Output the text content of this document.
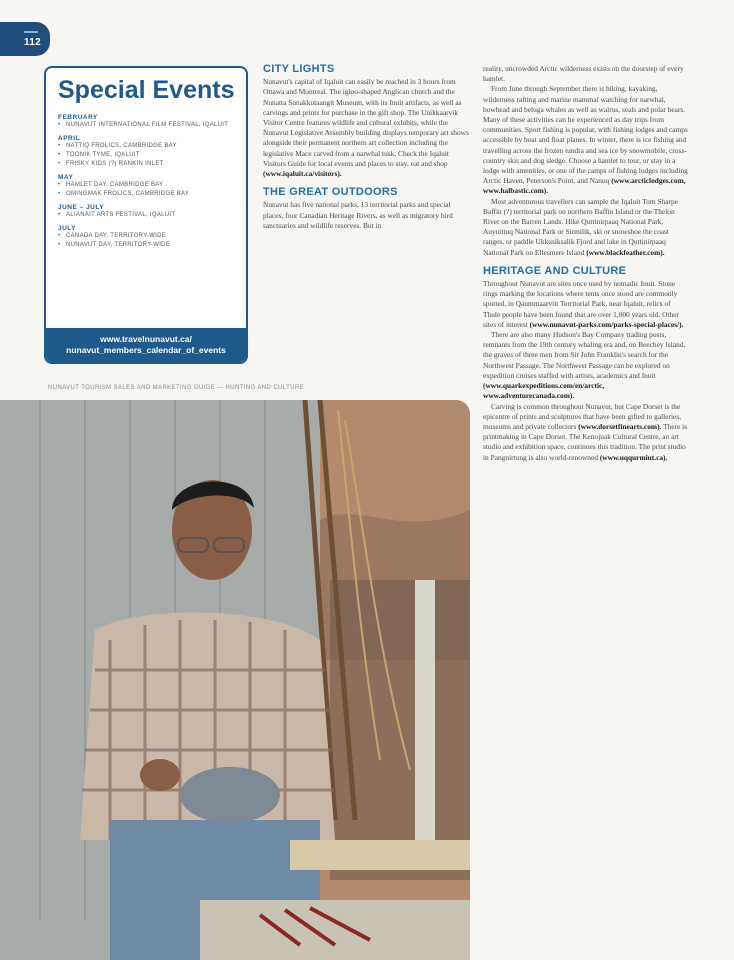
112
Special Events
FEBRUARY
• NUNAVUT INTERNATIONAL FILM FESTIVAL, IQALUIT
APRIL
• NATTIQ FROLICS, CAMBRIDGE BAY
• TOONIK TYME, IQALUIT
• FRISKY KIDS (?) RANKIN INLET
MAY
• HAMLET DAY, CAMBRIDGE BAY
• OMINGMAK FROLICS, CAMBRIDGE BAY
JUNE – JULY
• ALIANAIT ARTS FESTIVAL, IQALUIT
JULY
• CANADA DAY, TERRITORY-WIDE
• NUNAVUT DAY, TERRITORY-WIDE
www.travelnunavut.ca/
nunavut_members_calendar_of_events
CITY LIGHTS

Nunavut's capital of Iqaluit can easily be reached in 3 hours from Ottawa and Montreal. The igloo-shaped Anglican church and the Nunatta Sunakkutaangit Museum, with its Inuit artifacts, as well as carvings and prints for purchase in the gift shop. The Unikkaarvik Visitor Centre features wildlife and cultural exhibits, while the Nunavut Legislative Assembly building displays temporary art shows alongside their permanent northern art collection including the legislative Mace carved from a narwhal tusk. Check the Iqaluit Visitors Guide for local events and places to stay, eat and shop (www.iqaluit.ca/visitors).

THE GREAT OUTDOORS

Nunavut has five national parks, 13 territorial parks and special places, four Canadian Heritage Rivers, as well as migratory bird sanctuaries and wildlife reserves. But in

reality, uncrowded Arctic wilderness exists on the doorstep of every hamlet.

From June through September there is hiking, kayaking, wilderness rafting and marine mammal watching for narwhal, bowhead and beluga whales as well as walrus, seals and polar bears. Many of these activities can be experienced as day trips from communities. Sport fishing is popular, with fishing lodges and camps accessible by boat and float planes. In winter, there is ice fishing and travelling across the frozen tundra and sea ice by snowmobile, cross-country skis and dog sledge. Choose a hamlet to tour, or stay in a lodge with amenities, or one of the camps of fishing lodges including Arctic Haven, Peterson's Point, and Nanuq (www.arcticlodges.com, www.halbastic.com).

Most adventurous travellers can sample the Iqaluit Tom Sharpe Baffin (?) territorial park on northern Baffin Island or the Thelon River on the Barren Lands. Hike Quttinirpaaq National Park, Auyuittuq National Park or Sirmilik, ski or snowshoe the coast ranges, or paddle Ukkusiksalik Fjord and lake in Quttinirpaaq National Park on Ellesmere Island (www.blackfeather.com).

HERITAGE AND CULTURE

Throughout Nunavut are sites once used by nomadic Inuit. Stone rings marking the locations where tents once stood are commonly spotted, in Qaummaarviit Territorial Park, near Iqaluit, relics of Thule people have been found that are over 1,000 years old. Other sites of interest (www.nunavut-parks.com/parks-special-places/).

There are also many Hudson's Bay Company trading posts, remnants from the 19th century whaling era and, on Beechey Island, the graves of three men from Sir John Franklin's search for the Northwest Passage. The Northwest Passage can be explored on expedition cruises staffed with artists, academics and Inuit (www.quarkexpeditions.com/en/arctic, www.adventurecanada.com).

Carving is common throughout Nunavut, but Cape Dorset is the epicentre of prints and sculptures that have been gifted to galleries, museums and private collectors (www.dorsetfinearts.com). There is printmaking in Cape Dorset. The Kenojuak Cultural Centre, an art studio and exhibition space, continues this tradition. The print studio in Pangnirtung is also world-renowned (www.uqqurmiut.ca).

NUNAVUT TOURISM SALES AND MARKETING GUIDE — HUNTING AND CULTURE
